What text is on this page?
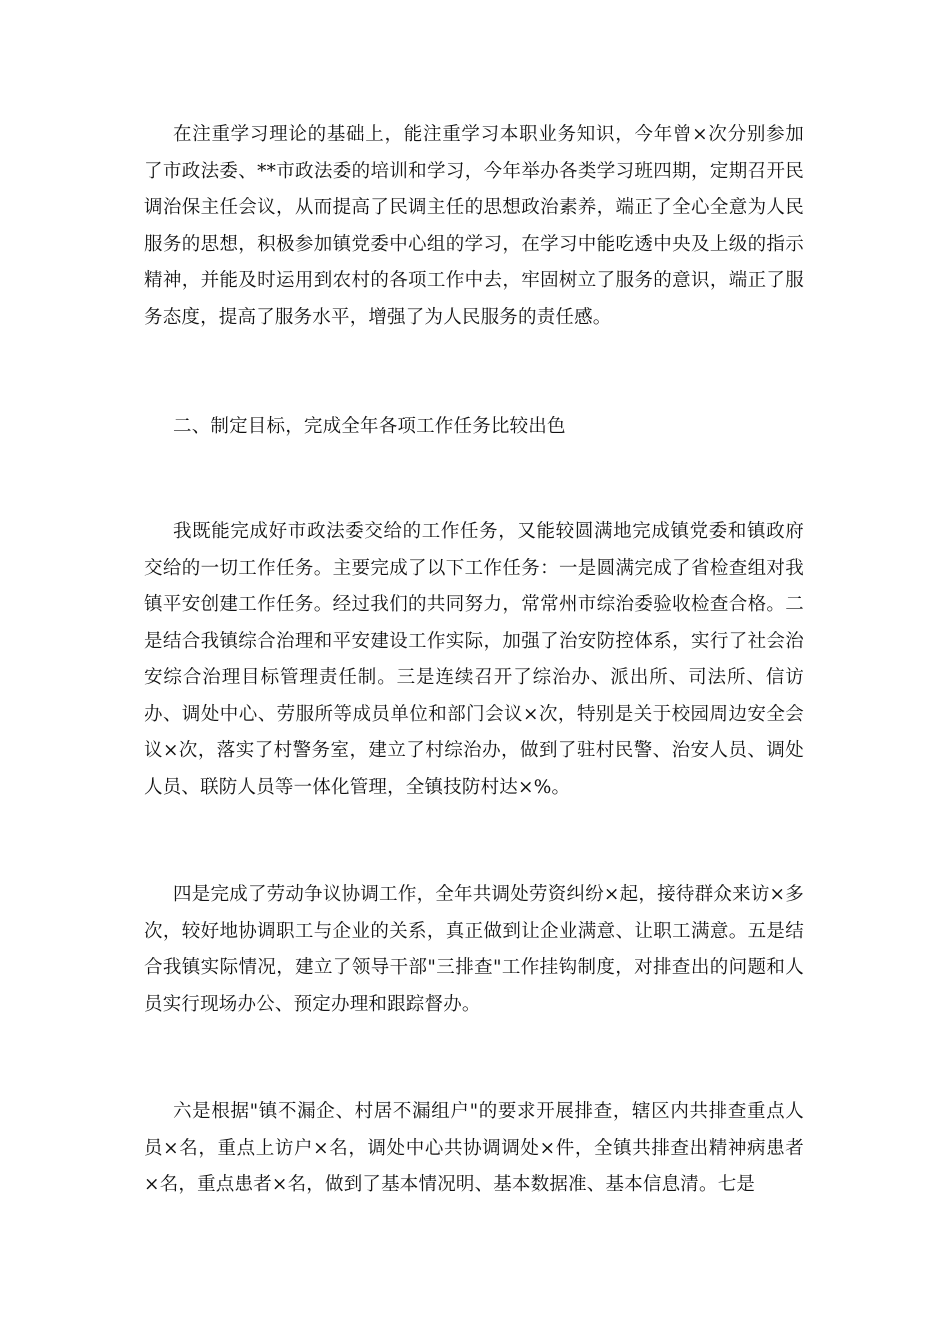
在注重学习理论的基础上，能注重学习本职业务知识，今年曾×次分别参加了市政法委、**市政法委的培训和学习，今年举办各类学习班四期，定期召开民调治保主任会议，从而提高了民调主任的思想政治素养，端正了全心全意为人民服务的思想，积极参加镇党委中心组的学习，在学习中能吃透中央及上级的指示精神，并能及时运用到农村的各项工作中去，牢固树立了服务的意识，端正了服务态度，提高了服务水平，增强了为人民服务的责任感。

二、制定目标，完成全年各项工作任务比较出色

我既能完成好市政法委交给的工作任务，又能较圆满地完成镇党委和镇政府交给的一切工作任务。主要完成了以下工作任务：一是圆满完成了省检查组对我镇平安创建工作任务。经过我们的共同努力，常常州市综治委验收检查合格。二是结合我镇综合治理和平安建设工作实际，加强了治安防控体系，实行了社会治安综合治理目标管理责任制。三是连续召开了综治办、派出所、司法所、信访办、调处中心、劳服所等成员单位和部门会议×次，特别是关于校园周边安全会议×次，落实了村警务室，建立了村综治办，做到了驻村民警、治安人员、调处人员、联防人员等一体化管理，全镇技防村达×%。

四是完成了劳动争议协调工作，全年共调处劳资纠纷×起，接待群众来访×多次，较好地协调职工与企业的关系，真正做到让企业满意、让职工满意。五是结合我镇实际情况，建立了领导干部"三排查"工作挂钩制度，对排查出的问题和人员实行现场办公、预定办理和跟踪督办。

六是根据"镇不漏企、村居不漏组户"的要求开展排查，辖区内共排查重点人员×名，重点上访户×名，调处中心共协调调处×件，全镇共排查出精神病患者×名，重点患者×名，做到了基本情况明、基本数据准、基本信息清。七是
